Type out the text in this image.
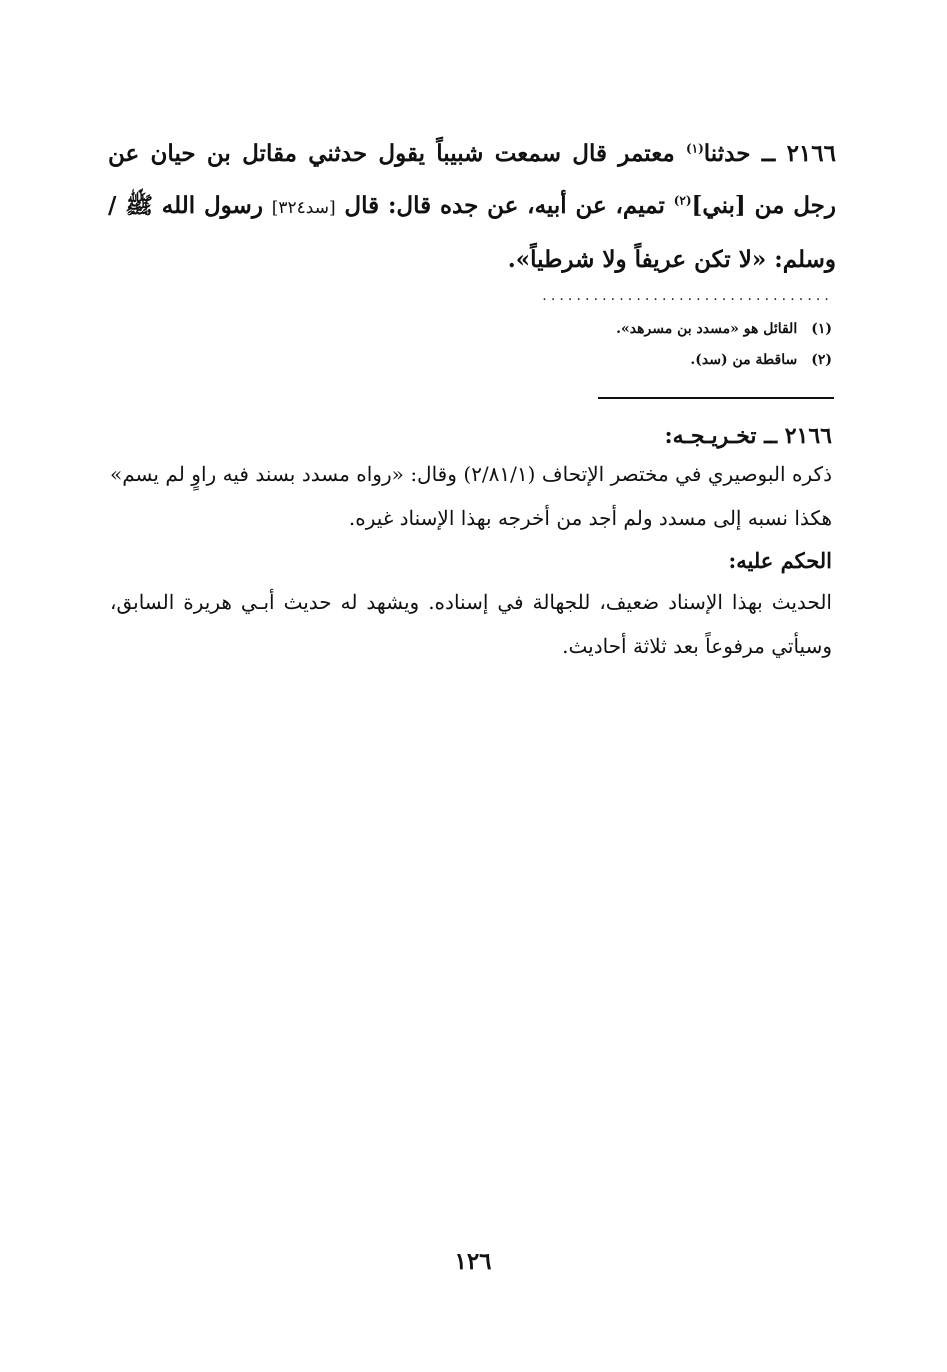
٢١٦٦ ــ حدثنا$^{(١)}$ معتمر قال سمعت شبيباً يقول حدثني مقاتل بن حيان عن رجل من [بني]$^{(٢)}$ تميم، عن أبيه، عن جده قال: قال [سد٣٢٤] رسول الله ﷺ / وسلم: «لا تكن عريفاً ولا شرطياً».
..................................
(١)القائل هو «مسدد بن مسرهد».
(٢)ساقطة من (سد).
٢١٦٦ ــ تخـريـجـه:
ذكره البوصيري في مختصر الإتحاف (٢/٨١/١) وقال: «رواه مسدد بسند فيه راوٍ لم يسم» هكذا نسبه إلى مسدد ولم أجد من أخرجه بهذا الإسناد غيره.
الحكم عليه:
الحديث بهذا الإسناد ضعيف، للجهالة في إسناده. ويشهد له حديث أبـي هريرة السابق، وسيأتي مرفوعاً بعد ثلاثة أحاديث.
١٢٦
